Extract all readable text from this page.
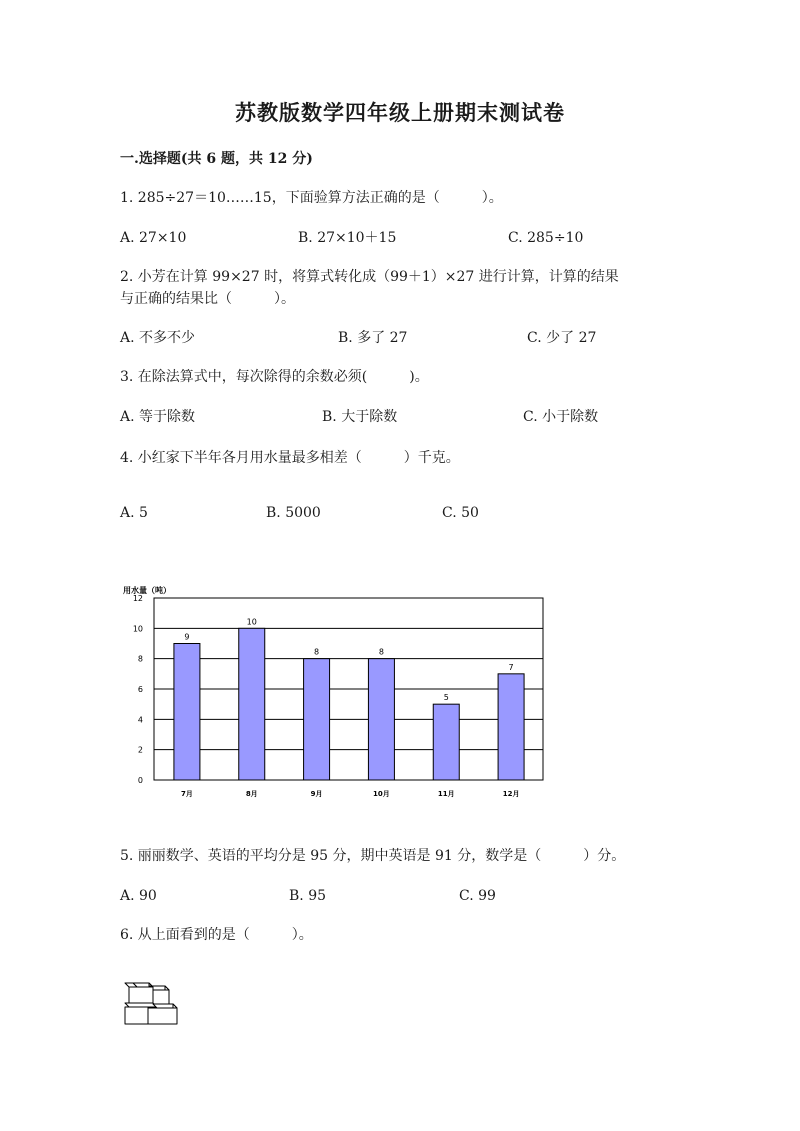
苏教版数学四年级上册期末测试卷
一.选择题(共 6 题，共 12 分)
1. 285÷27＝10……15，下面验算方法正确的是（　　　）。
A. 27×10	B. 27×10＋15	C. 285÷10
2. 小芳在计算 99×27 时，将算式转化成（99＋1）×27 进行计算，计算的结果
与正确的结果比（　　　）。
A. 不多不少	B. 多了 27	C. 少了 27
3. 在除法算式中，每次除得的余数必须(　　　)。
A. 等于除数	B. 大于除数	C. 小于除数
4. 小红家下半年各月用水量最多相差（　　　）千克。
A. 5	B. 5000	C. 50
用水量（吨）
0
2
4
6
8
10
12
9
10
8	8
5
7
7月	8月	9月	10月	11月	12月
5. 丽丽数学、英语的平均分是 95 分，期中英语是 91 分，数学是（　　　）分。
A. 90	B. 95	C. 99
6. 从上面看到的是（　　　）。
